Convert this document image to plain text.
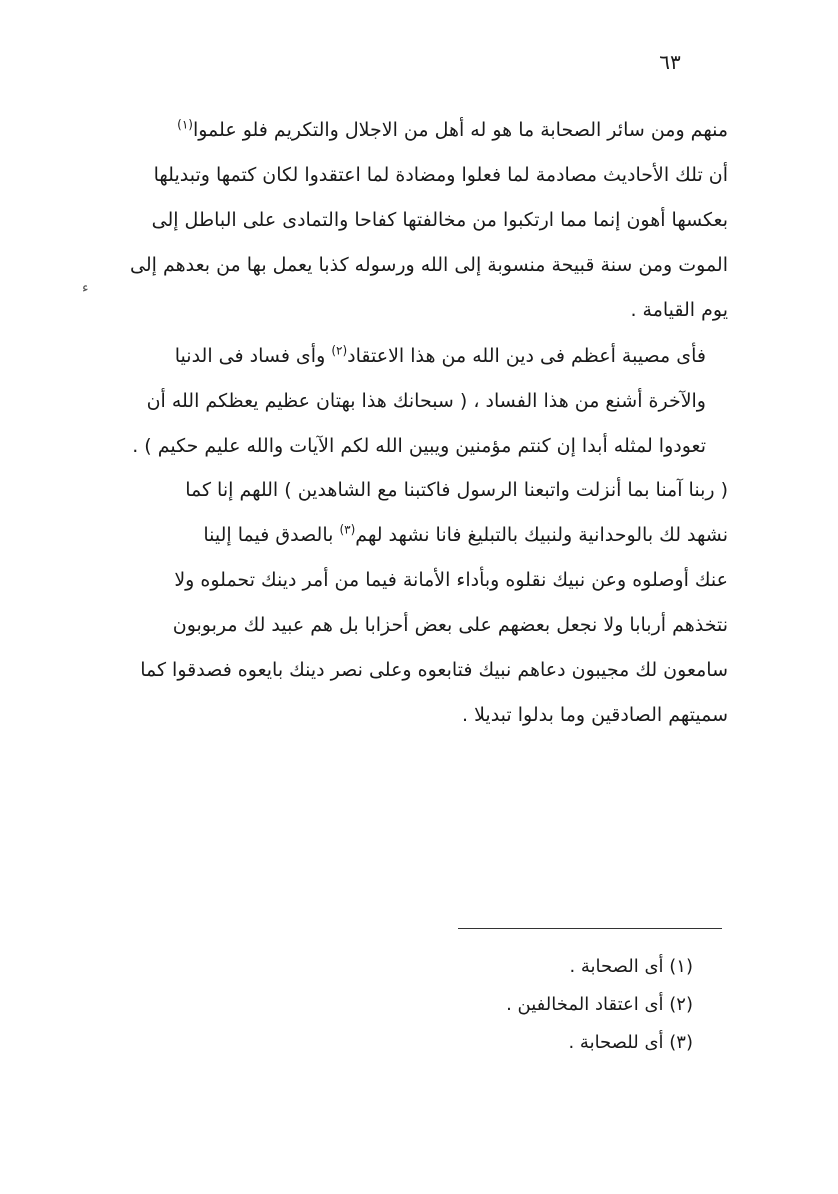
٦٣
ء
منهم ومن سائر الصحابة ما هو له أهل من الاجلال والتكريم فلو علموا$^{(١)}$
أن تلك الأحاديث مصادمة لما فعلوا ومضادة لما اعتقدوا لكان كتمها وتبديلها
بعكسها أهون إنما مما ارتكبوا من مخالفتها كفاحا والتمادى على الباطل إلى
الموت ومن سنة قبيحة منسوبة إلى الله ورسوله كذبا يعمل بها من بعدهم إلى
يوم القيامة .
فأى مصيبة أعظم فى دين الله من هذا الاعتقاد$^{(٢)}$ وأى فساد فى الدنيا
والآخرة أشنع من هذا الفساد ، ( سبحانك هذا بهتان عظيم يعظكم الله أن
تعودوا لمثله أبدا إن كنتم مؤمنين ويبين الله لكم الآيات والله عليم حكيم ) .
( ربنا آمنا بما أنزلت واتبعنا الرسول فاكتبنا مع الشاهدين ) اللهم إنا كما
نشهد لك بالوحدانية ولنبيك بالتبليغ فانا نشهد لهم$^{(٣)}$ بالصدق فيما إلينا
عنك أوصلوه وعن نبيك نقلوه وبأداء الأمانة فيما من أمر دينك تحملوه ولا
نتخذهم أربابا ولا نجعل بعضهم على بعض أحزابا بل هم عبيد لك مربوبون
سامعون لك مجيبون دعاهم نبيك فتابعوه وعلى نصر دينك بايعوه فصدقوا كما
سميتهم الصادقين وما بدلوا تبديلا .
(١) أى الصحابة .
(٢) أى اعتقاد المخالفين .
(٣) أى للصحابة .
